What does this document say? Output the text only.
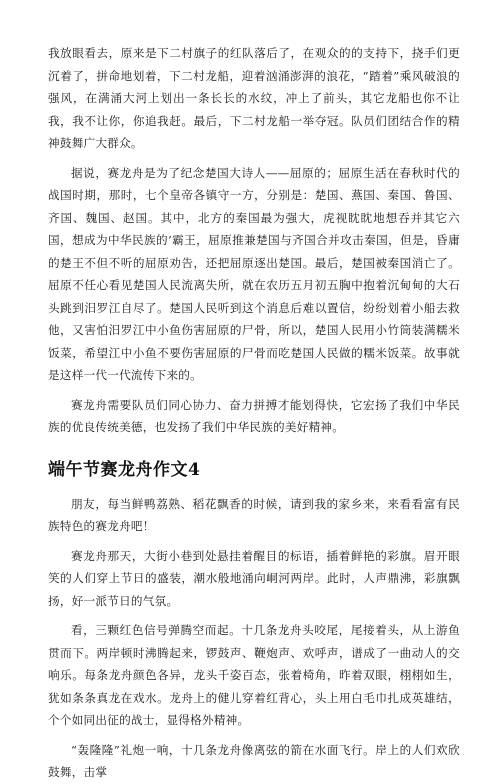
我放眼看去，原来是下二村旗子的红队落后了，在观众的的支持下，挠手们更沉着了，拼命地划着，下二村龙船，迎着汹涌澎湃的浪花，“踏着”乘风破浪的强风，在满涌大河上划出一条长长的水纹，冲上了前头，其它龙船也你不让我，我不让你，你追我赶。最后，下二村龙船一举夺冠。队员们团结合作的精神鼓舞广大群众。

据说，赛龙舟是为了纪念楚国大诗人——屈原的；屈原生活在春秋时代的战国时期，那时，七个皇帝各镇守一方，分别是：楚国、燕国、秦国、鲁国、齐国、魏国、赵国。其中，北方的秦国最为强大，虎视眈眈地想吞并其它六国，想成为中华民族的’霸王，屈原推兼楚国与齐国合并攻击秦国，但是，昏庸的楚王不但不听的屈原劝告，还把屈原逐出楚国。最后，楚国被秦国消亡了。屈原不任心看见楚国人民流离失所，就在农历五月初五胸中抱着沉甸甸的大石头跳到汨罗江自尽了。楚国人民听到这个消息后难以置信，纷纷划着小船去救他，又害怕汨罗江中小鱼伤害屈原的尸骨，所以，楚国人民用小竹筒装满糯米饭菜，希望江中小鱼不要伤害屈原的尸骨而吃楚国人民做的糯米饭菜。故事就是这样一代一代流传下来的。

赛龙舟需要队员们同心协力、奋力拼搏才能划得快，它宏扬了我们中华民族的优良传统美德，也发扬了我们中华民族的美好精神。

端午节赛龙舟作文4

朋友，每当鲜鸭荔熟、稻花飘香的时候，请到我的家乡来，来看看富有民族特色的赛龙舟吧！

赛龙舟那天，大街小巷到处悬挂着醒目的标语，插着鲜艳的彩旗。眉开眼笑的人们穿上节日的盛装，潮水般地涌向峒河两岸。此时，人声鼎沸，彩旗飘扬，好一派节日的气氛。

看，三颗红色信号弹腾空而起。十几条龙舟头咬尾，尾接着头，从上游鱼贯而下。两岸顿时沸腾起来，锣鼓声、鞭炮声、欢呼声，谱成了一曲动人的交响乐。每条龙舟颜色各异，龙头千姿百态，张着椅角，昨着双眼，栩栩如生，犹如条条真龙在戏水。龙舟上的健儿穿着红背心，头上用白毛巾扎成英雄结，个个如同出征的战士，显得格外精神。

“轰隆隆”礼炮一响，十几条龙舟像离弦的箭在水面飞行。岸上的人们欢欣鼓舞，击掌
